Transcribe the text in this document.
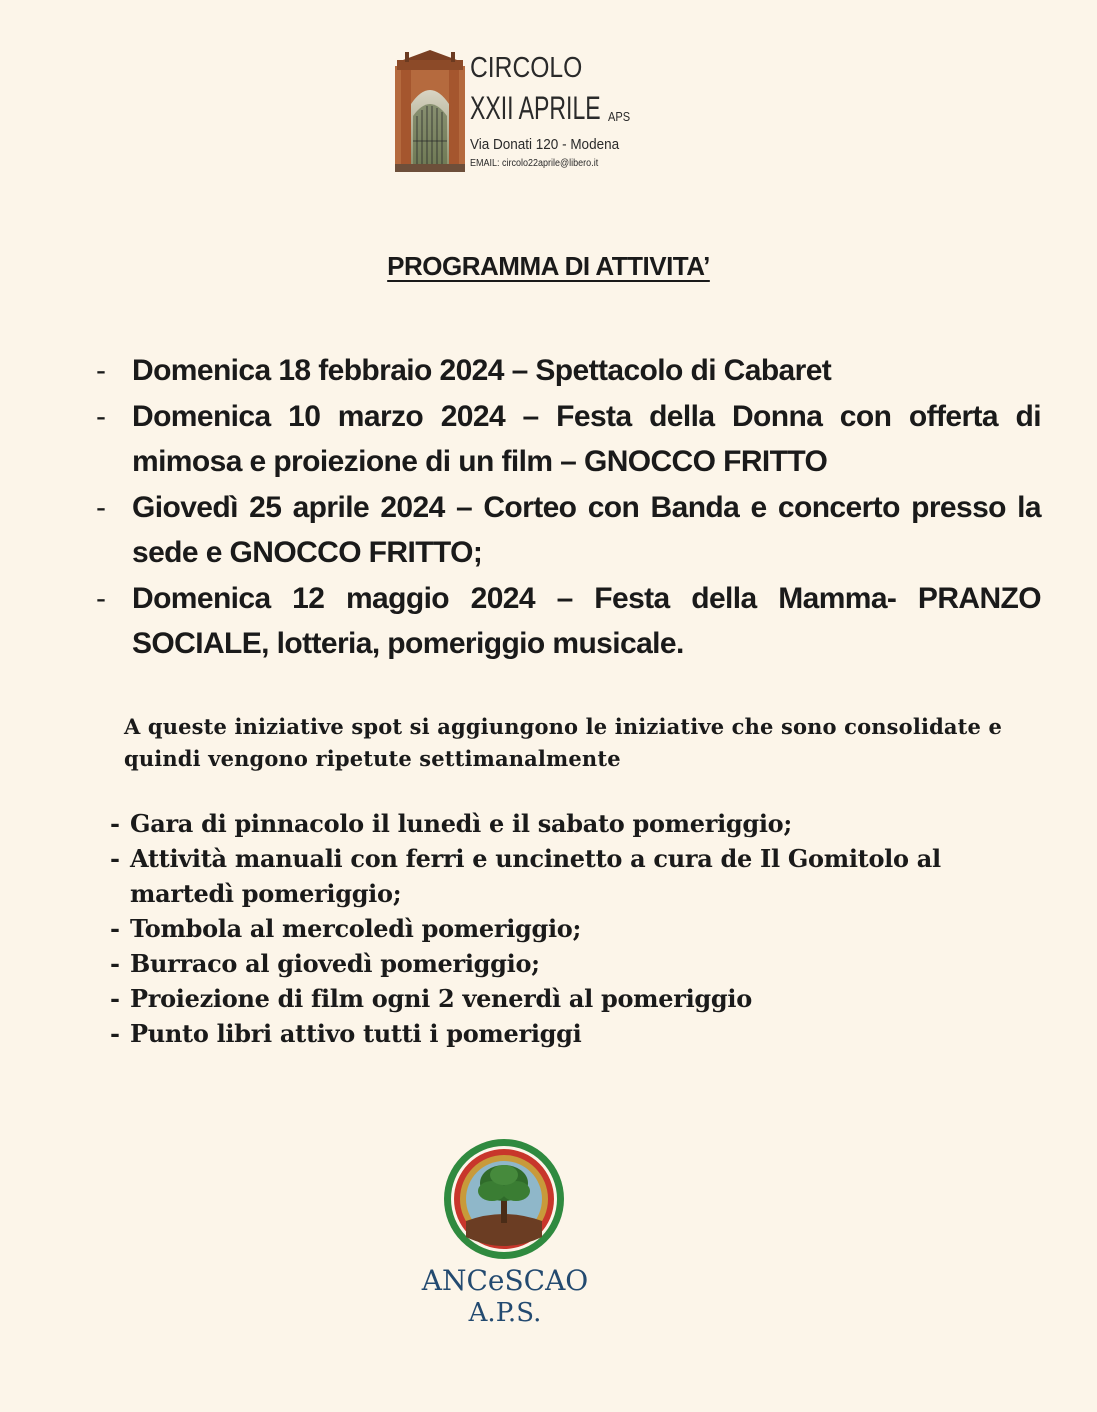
CIRCOLO
XXII APRILE APS
Via Donati 120 - Modena
EMAIL: circolo22aprile@libero.it
PROGRAMMA DI ATTIVITA’
- Domenica 18 febbraio 2024 – Spettacolo di Cabaret
- Domenica 10 marzo 2024 – Festa della Donna con offerta di mimosa e proiezione di un film – GNOCCO FRITTO
- Giovedì 25 aprile 2024 – Corteo con Banda e concerto presso la sede e GNOCCO FRITTO;
- Domenica 12 maggio 2024 – Festa della Mamma- PRANZO SOCIALE, lotteria, pomeriggio musicale.

A queste iniziative spot si aggiungono le iniziative che sono consolidate e quindi vengono ripetute settimanalmente

- Gara di pinnacolo il lunedì e il sabato pomeriggio;
- Attività manuali con ferri e uncinetto a cura de Il Gomitolo al martedì pomeriggio;
- Tombola al mercoledì pomeriggio;
- Burraco al giovedì pomeriggio;
- Proiezione di film ogni 2 venerdì al pomeriggio
- Punto libri attivo tutti i pomeriggi

ANCeSCAO

A.P.S.
